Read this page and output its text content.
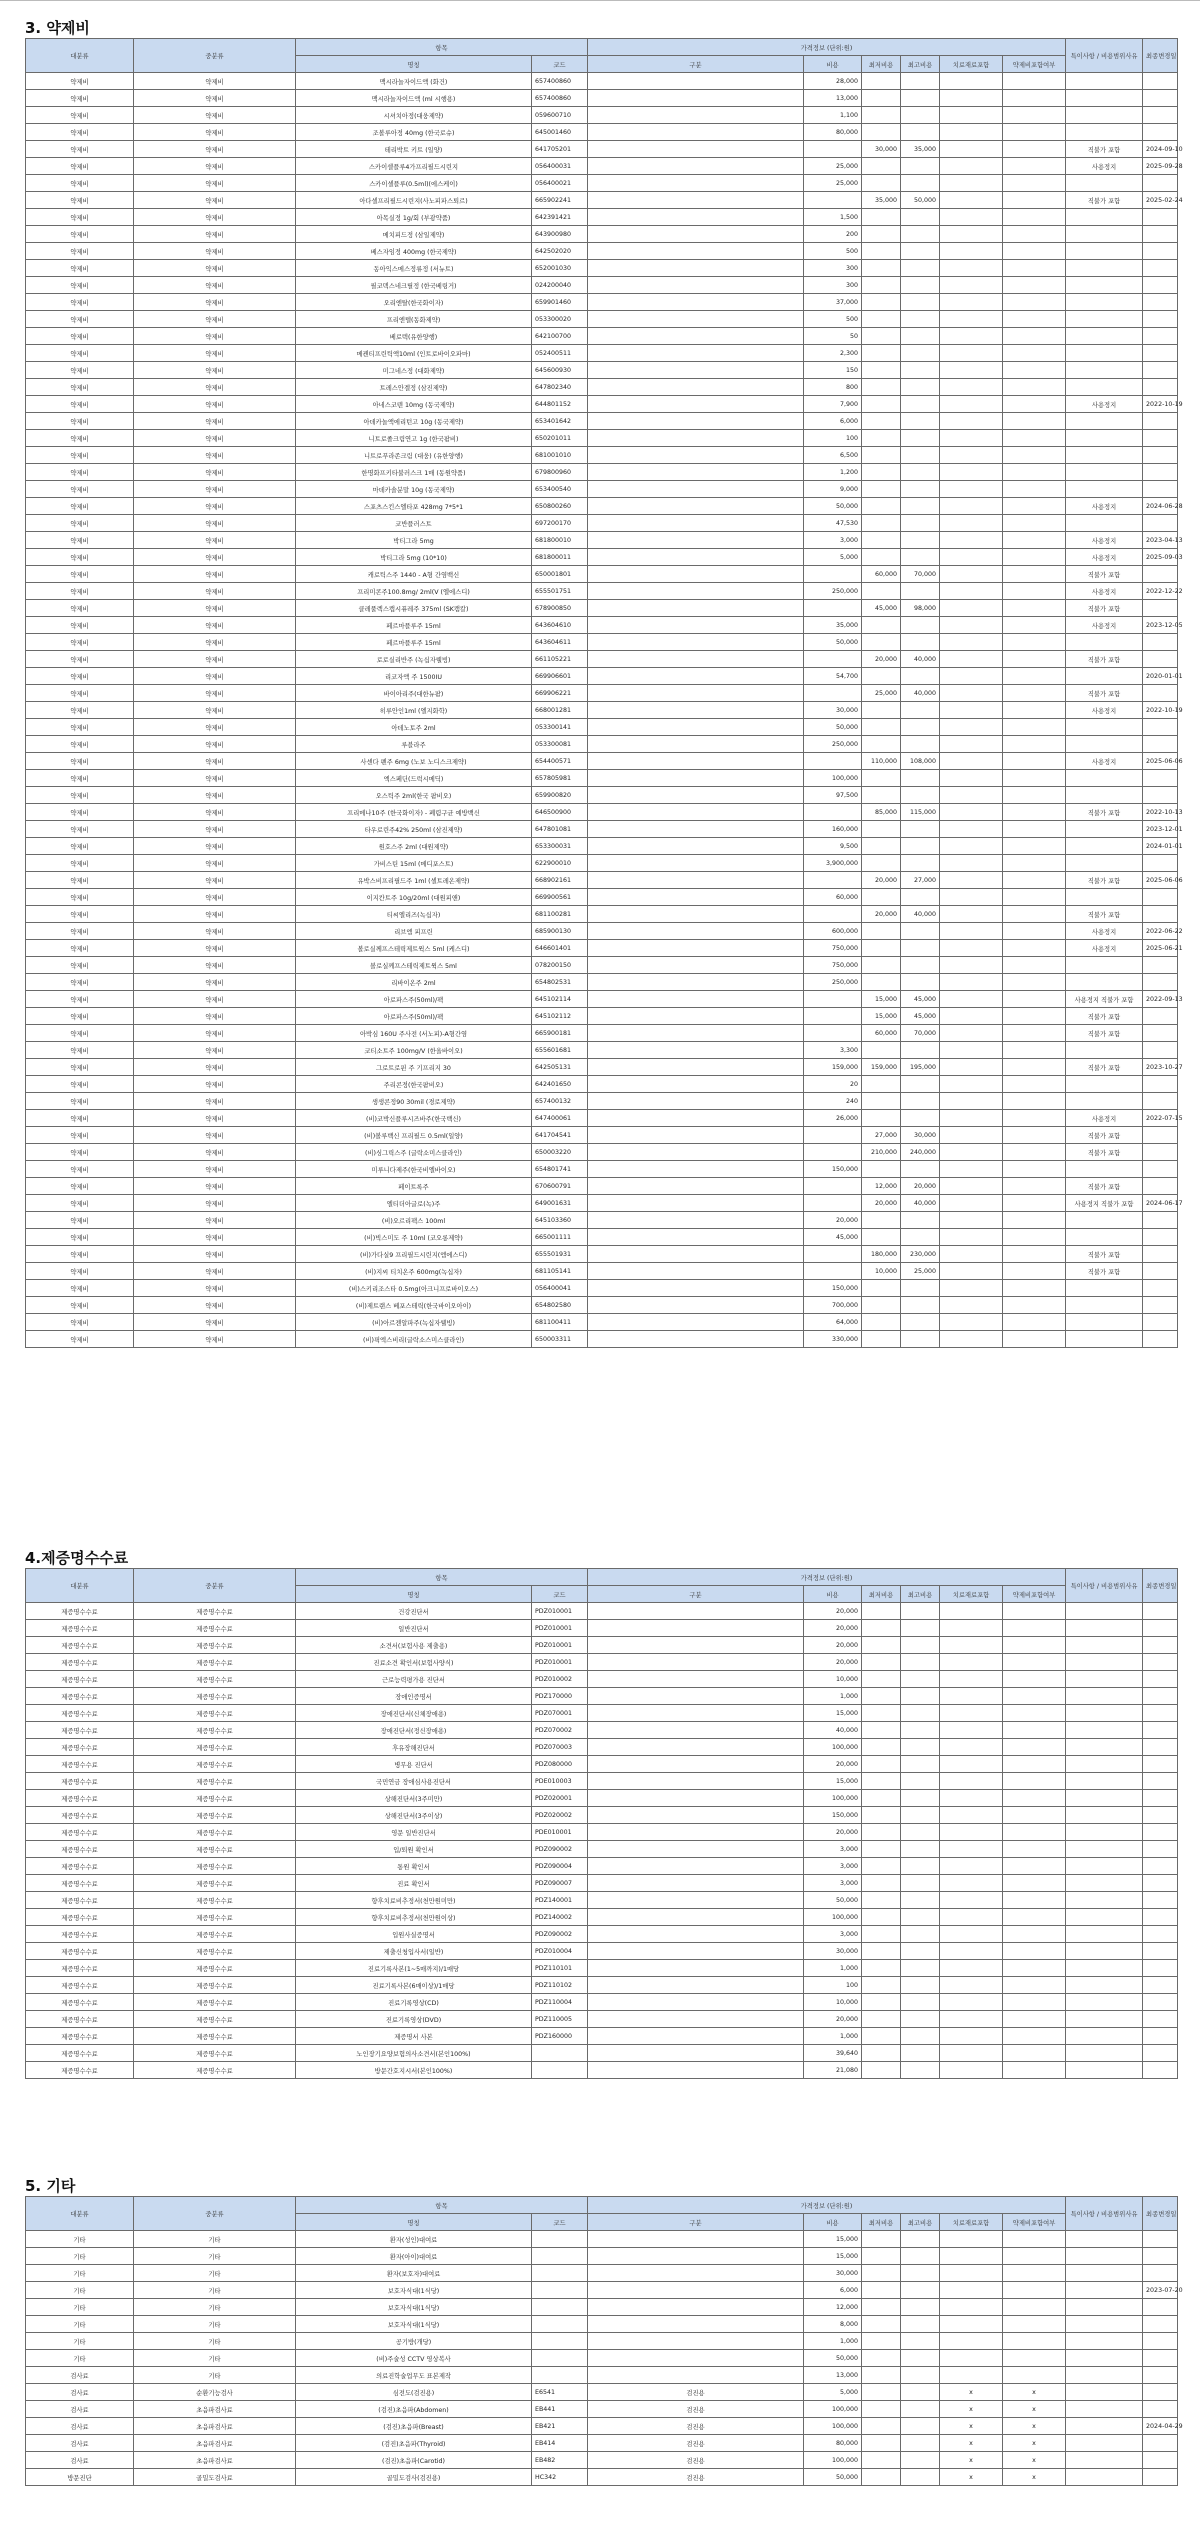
3. 약제비
대분류	중분류	항목		가격정보 (단위:원)						특이사항 / 비용범위사유	최종변경일
		명칭	코드	구분	비용	최저비용	최고비용	치료재료포함	약제비포함여부		
약제비	약제비	맥시라놀자이드액 (화건)	657400860		28,000						
약제비	약제비	맥시라놀자이드액 (ml 시행용)	657400860		13,000						
약제비	약제비	시셔치아정(대웅제약)	059600710		1,100						
약제비	약제비	조볼루아정 40mg (한국로슈)	645001460		80,000						
약제비	약제비	테리박트 키트 (일양)	641705201			30,000	35,000			직불가 포함	2024-09-10
약제비	약제비	스카이셀플루4가프리필드시린지	056400031		25,000					사용정지	2025-09-28
약제비	약제비	스카이셀플루(0.5ml)(에스케이)	056400021		25,000						
약제비	약제비	아다셀프리필드시린지(사노피파스퇴르)	665902241			35,000	50,000			직불가 포함	2025-02-24
약제비	약제비	아목실정 1g/회 (부광약품)	642391421		1,500						
약제비	약제비	메치피드정 (삼일제약)	643900980		200						
약제비	약제비	베스자임정 400mg (한국제약)	642502020		500						
약제비	약제비	동아익스메스정류정 (서뉴트)	652001030		300						
약제비	약제비	필코덱스네크릴정 (한국베링거)	024200040		300						
약제비	약제비	오리엔탈(한국화이자)	659901460		37,000						
약제비	약제비	프리엔텔(동화제약)	053300020		500						
약제비	약제비	베로텍(유한양행)	642100700		50						
약제비	약제비	메켄티프린틱액10ml (인트로바이오파마)	052400511		2,300						
약제비	약제비	미그네스정 (대화제약)	645600930		150						
약제비	약제비	트레스안겔정 (삼진제약)	647802340		800						
약제비	약제비	아네스코텐 10mg (동국제약)	644801152		7,900					사용정지	2022-10-19
약제비	약제비	아데카놀액에리턴고 10g (동국제약)	653401642		6,000						
약제비	약제비	니트로졸크림연고 1g (한국팜비)	650201011		100						
약제비	약제비	니트로푸라존크림 (대웅) (유한양행)	681001010		6,500						
약제비	약제비	한명화프키타불러스크 1매 (동원약품)	679800960		1,200						
약제비	약제비	마데카솔분말 10g (동국제약)	653400540		9,000						
약제비	약제비	스포츠스킨스엘타포 428mg 7*5*1	650800260		50,000					사용정지	2024-06-28
약제비	약제비	코반플러스트	697200170		47,530						
약제비	약제비	박티그라 5mg	681800010		3,000					사용정지	2023-04-13
약제비	약제비	박티그라 5mg (10*10)	681800011		5,000					사용정지	2025-09-03
약제비	약제비	캐로틱스주 1440 - A형 간염백신	650001801			60,000	70,000			직불가 포함	
약제비	약제비	프리미콘주100.8mg/ 2ml(V (엘에스디)	655501751		250,000					사용정지	2022-12-22
약제비	약제비	클레풀렉스캡시퓨레주 375ml (SK캠칼)	678900850			45,000	98,000			직불가 포함	
약제비	약제비	페르마플루주 15ml	643604610		35,000					사용정지	2023-12-05
약제비	약제비	페르마플루주 15ml	643604611		50,000						
약제비	약제비	로로실리반주 (녹십자웰빙)	661105221			20,000	40,000			직불가 포함	
약제비	약제비	리코자액 주 1500IU	669906601		54,700						2020-01-01
약제비	약제비	바이아리주(대한뉴팜)	669906221			25,000	40,000			직불가 포함	
약제비	약제비	히루안인1ml (엘지화학)	668001281		30,000					사용정지	2022-10-19
약제비	약제비	아데노토주 2ml	053300141		50,000						
약제비	약제비	루블라주	053300081		250,000						
약제비	약제비	사센다 펜주 6mg (노보 노디스크제약)	654400571			110,000	108,000			사용정지	2025-06-06
약제비	약제비	엑스페딘(드럭시메딕)	657805981		100,000						
약제비	약제비	오스틱주 2ml(한국 팜비오)	659900820		97,500						
약제비	약제비	프리메나10주 (한국화이자) - 폐렴구균 예방백신	646500900			85,000	115,000			직불가 포함	2022-10-13
약제비	약제비	타우로린주42% 250ml (삼진제약)	647801081		160,000						2023-12-01
약제비	약제비	원호스주 2ml (대원제약)	653300031		9,500						2024-01-01
약제비	약제비	가비스틴 15ml (메디포스트)	622900010		3,900,000						
약제비	약제비	유박스비프리필드주 1ml (셀트레온제약)	668902161			20,000	27,000			직불가 포함	2025-06-06
약제비	약제비	이지칸트주 10g/20ml (대원피앤)	669900561		60,000						
약제비	약제비	티씨엘리즈(녹십자)	681100281			20,000	40,000			직불가 포함	
약제비	약제비	리브엠 피프린	685900130		600,000					사용정지	2022-06-22
약제비	약제비	볼로실께프스테릭제트윅스 5ml (케스디)	646601401		750,000					사용정지	2025-06-21
약제비	약제비	볼로실께프스테릭제트윅스 5ml	078200150		750,000						
약제비	약제비	리바이온주 2ml	654802531		250,000						
약제비	약제비	아로파스주(50ml)/팩	645102114			15,000	45,000			사용정지 직불가 포함	2022-09-13
약제비	약제비	아로파스주(50ml)/팩	645102112			15,000	45,000			직불가 포함	
약제비	약제비	아박심 160U 주사전 (서노피)-A형간염	665900181			60,000	70,000			직불가 포함	
약제비	약제비	코티소트주 100mg/V (한올바이오)	655601681		3,300						
약제비	약제비	그로트로핀 주 기프리지 30	642505131		159,000	159,000	195,000			직불가 포함	2023-10-27
약제비	약제비	주리콘정(한국팜비오)	642401650		20						
약제비	약제비	생생콘정90 30mil (경로제약)	657400132		240						
약제비	약제비	(비)코박신플루시즈바주(한국백신)	647400061		26,000					사용정지	2022-07-15
약제비	약제비	(비)볼루백신 프리필드 0.5ml(일양)	641704541			27,000	30,000			직불가 포함	
약제비	약제비	(비)싱그릭스주 (글락소미스클라인)	650003220			210,000	240,000			직불가 포함	
약제비	약제비	미루니다제주(한국비엘바이오)	654801741		150,000						
약제비	약제비	페이트록주	670600791			12,000	20,000			직불가 포함	
약제비	약제비	엘티더아글로(녹)주	649001631			20,000	40,000			사용정지 직불가 포함	2024-06-17
약제비	약제비	(비)오르리팩스 100ml	645103360		20,000						
약제비	약제비	(비)빅스미도 주 10ml (코오롱제약)	665001111		45,000						
약제비	약제비	(비)가다실9 프리필드시린지(엠에스디)	655501931			180,000	230,000			직불가 포함	
약제비	약제비	(비)지씨 티치온주 600mg(녹십자)	681105141			10,000	25,000			직불가 포함	
약제비	약제비	(비)스키리조스타 0.5mg(아크니프로바이오스)	056400041		150,000						
약제비	약제비	(비)제트랜스 베포스테릭(한국바이오아이)	654802580		700,000						
약제비	약제비	(비)아르젠알파주(녹십자웰빙)	681100411		64,000						
약제비	약제비	(비)픽엑스비리(글락소스미스클라인)	650003311		330,000						
4.제증명수수료
대분류	중분류	항목		가격정보 (단위:원)						특이사항 / 비용범위사유	최종변경일
		명칭	코드	구분	비용	최저비용	최고비용	치료재료포함	약제비포함여부		
제증명수수료	제증명수수료	건강진단서	PDZ010001		20,000						
제증명수수료	제증명수수료	일반진단서	PDZ010001		20,000						
제증명수수료	제증명수수료	소견서(보험사용 제출용)	PDZ010001		20,000						
제증명수수료	제증명수수료	진료소견 확인서(보험사양식)	PDZ010001		20,000						
제증명수수료	제증명수수료	근로능력평가용 진단서	PDZ010002		10,000						
제증명수수료	제증명수수료	장애인증명서	PDZ170000		1,000						
제증명수수료	제증명수수료	장애진단서(신체장애용)	PDZ070001		15,000						
제증명수수료	제증명수수료	장애진단서(정신장애용)	PDZ070002		40,000						
제증명수수료	제증명수수료	후유장해진단서	PDZ070003		100,000						
제증명수수료	제증명수수료	병무용 진단서	PDZ080000		20,000						
제증명수수료	제증명수수료	국민연금 장애심사용진단서	PDE010003		15,000						
제증명수수료	제증명수수료	상해진단서(3주미만)	PDZ020001		100,000						
제증명수수료	제증명수수료	상해진단서(3주이상)	PDZ020002		150,000						
제증명수수료	제증명수수료	영문 일반진단서	PDE010001		20,000						
제증명수수료	제증명수수료	입/퇴원 확인서	PDZ090002		3,000						
제증명수수료	제증명수수료	통원 확인서	PDZ090004		3,000						
제증명수수료	제증명수수료	진료 확인서	PDZ090007		3,000						
제증명수수료	제증명수수료	향후치료비추정서(천만원미만)	PDZ140001		50,000						
제증명수수료	제증명수수료	향후치료비추정서(천만원이상)	PDZ140002		100,000						
제증명수수료	제증명수수료	입원사실증명서	PDZ090002		3,000						
제증명수수료	제증명수수료	제출신청입사서(일반)	PDZ010004		30,000						
제증명수수료	제증명수수료	진료기록사본(1~5매까지)/1매당	PDZ110101		1,000						
제증명수수료	제증명수수료	진료기록사본(6매이상)/1매당	PDZ110102		100						
제증명수수료	제증명수수료	진료기록영상(CD)	PDZ110004		10,000						
제증명수수료	제증명수수료	진료기록영상(DVD)	PDZ110005		20,000						
제증명수수료	제증명수수료	제증명서 사본	PDZ160000		1,000						
제증명수수료	제증명수수료	노인장기요양보험의사소견서(본인100%)			39,640						
제증명수수료	제증명수수료	방문간호지시서(본인100%)			21,080						
5. 기타
대분류	중분류	항목		가격정보 (단위:원)						특이사항 / 비용범위사유	최종변경일
		명칭	코드	구분	비용	최저비용	최고비용	치료재료포함	약제비포함여부		
기타	기타	환자(성인)대여료			15,000						
기타	기타	환자(아이)대여료			15,000						
기타	기타	환자(보호자)대여료			30,000						
기타	기타	보호자식대(1식당)			6,000						2023-07-20
기타	기타	보호자식대(1식당)			12,000						
기타	기타	보호자식대(1식당)			8,000						
기타	기타	공기방(개당)			1,000						
기타	기타	(비)주술성 CCTV 영상복사			50,000						
검사료	기타	의료진학술업무도 표본제작			13,000						
검사료	순환기능검사	심전도(검진용)	E6541	검진용	5,000			x	x		
검사료	초음파검사료	(검진)초음파(Abdomen)	EB441	검진용	100,000			x	x		
검사료	초음파검사료	(검진)초음파(Breast)	EB421	검진용	100,000			x	x		2024-04-29
검사료	초음파검사료	(검진)초음파(Thyroid)	EB414	검진용	80,000			x	x		
검사료	초음파검사료	(검진)초음파(Carotid)	EB482	검진용	100,000			x	x		
방문진단	골밀도검사료	골밀도검사(검진용)	HC342	검진용	50,000			x	x		
